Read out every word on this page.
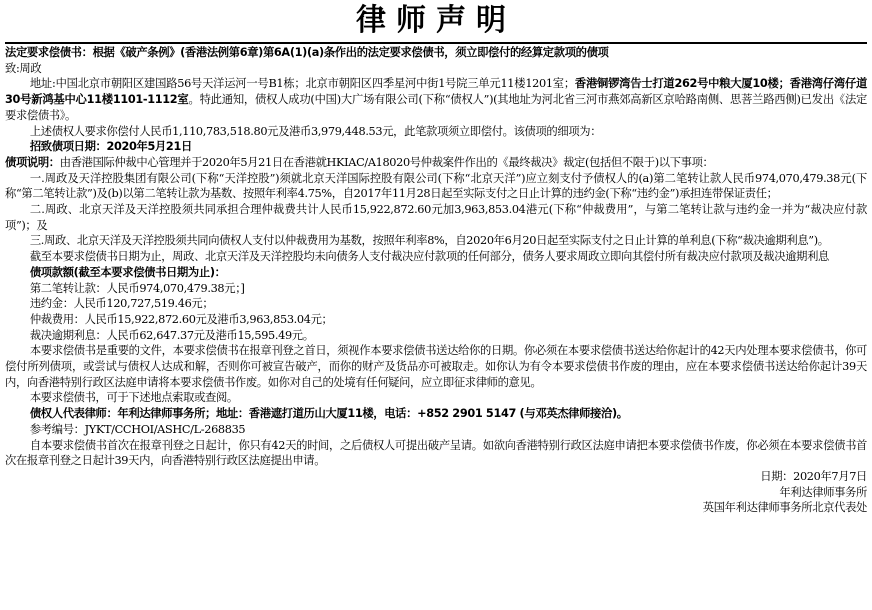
律师声明

法定要求偿债书：根据《破产条例》(香港法例第6章)第6A(1)(a)条作出的法定要求偿债书，须立即偿付的经算定款项的债项

致:周政

地址:中国北京市朝阳区建国路56号天洋运河一号B1栋；北京市朝阳区四季星河中街1号院三单元11楼1201室；香港铜锣湾告士打道262号中粮大厦10楼；香港湾仔湾仔道30号新鸿基中心11楼1101-1112室。特此通知，债权人成功(中国)大广场有限公司(下称“债权人”)(其地址为河北省三河市燕郊高新区京哈路南侧、思菩兰路西侧)已发出《法定要求偿债书》。

上述债权人要求你偿付人民币1,110,783,518.80元及港币3,979,448.53元，此笔款项须立即偿付。该债项的细项为：

招致债项日期：2020年5月21日

债项说明：由香港国际仲裁中心管理并于2020年5月21日在香港就HKIAC/A18020号仲裁案件作出的《最终裁决》裁定(包括但不限于)以下事项：

一.周政及天洋控股集团有限公司(下称“天洋控股”)须就北京天洋国际控股有限公司(下称“北京天洋”)应立刻支付予债权人的(a)第二笔转让款人民币974,070,479.38元(下称“第二笔转让款”)及(b)以第二笔转让款为基数、按照年利率4.75%，自2017年11月28日起至实际支付之日止计算的违约金(下称“违约金”)承担连带保证责任；

二.周政、北京天洋及天洋控股须共同承担合理仲裁费共计人民币15,922,872.60元加3,963,853.04港元(下称“仲裁费用”，与第二笔转让款与违约金一并为“裁决应付款项”)；及

三.周政、北京天洋及天洋控股须共同向债权人支付以仲裁费用为基数，按照年利率8%，自2020年6月20日起至实际支付之日止计算的单利息(下称“裁决逾期利息”)。

截至本要求偿债书日期为止，周政、北京天洋及天洋控股均未向债务人支付裁决应付款项的任何部分，债务人要求周政立即向其偿付所有裁决应付款项及裁决逾期利息

债项款额(截至本要求偿债书日期为止)：

第二笔转让款：人民币974,070,479.38元；]

违约金：人民币120,727,519.46元；

仲裁费用：人民币15,922,872.60元及港币3,963,853.04元；

裁决逾期利息：人民币62,647.37元及港币15,595.49元。

本要求偿债书是重要的文件，本要求偿债书在报章刊登之首日，须视作本要求偿债书送达给你的日期。你必须在本要求偿债书送达给你起计的42天内处理本要求偿债书，你可偿付所列债项，或尝试与债权人达成和解，否则你可被宣告破产，而你的财产及货品亦可被取走。如你认为有令本要求偿债书作废的理由，应在本要求偿债书送达给你起计39天内，向香港特别行政区法庭申请将本要求偿债书作废。如你对自己的处境有任何疑问，应立即征求律师的意见。

本要求偿债书，可于下述地点索取或查阅。

债权人代表律师：年利达律师事务所；地址：香港遮打道历山大厦11楼，电话：+852 2901 5147 (与邓英杰律师接洽)。

参考编号：JYKT/CCHOI/ASHC/L-268835

自本要求偿债书首次在报章刊登之日起计，你只有42天的时间，之后债权人可提出破产呈请。如欲向香港特别行政区法庭申请把本要求偿债书作废，你必须在本要求偿债书首次在报章刊登之日起计39天内，向香港特别行政区法庭提出申请。

日期：2020年7月7日
年利达律师事务所
英国年利达律师事务所北京代表处
